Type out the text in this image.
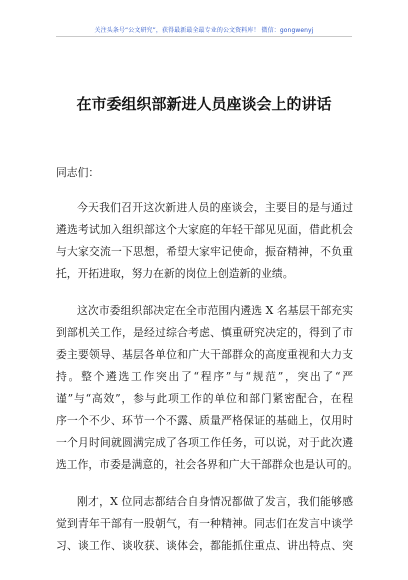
关注头条号“公文研究”，获得最新最全最专业的公文资料库！ 微信：gongwenyj
在市委组织部新进人员座谈会上的讲话

同志们：

今天我们召开这次新进人员的座谈会，主要目的是与通过
遴选考试加入组织部这个大家庭的年轻干部见见面，借此机会
与大家交流一下思想，希望大家牢记使命，振奋精神，不负重
托，开拓进取，努力在新的岗位上创造新的业绩。

这次市委组织部决定在全市范围内遴选 X 名基层干部充实
到部机关工作，是经过综合考虑、慎重研究决定的，得到了市
委主要领导、基层各单位和广大干部群众的高度重视和大力支
持。整个遴选工作突出了“程序”与“规范”，突出了“严
谨”与“高效”，参与此项工作的单位和部门紧密配合，在程
序一个不少、环节一个不露、质量严格保证的基础上，仅用时
一个月时间就圆满完成了各项工作任务，可以说，对于此次遴
选工作，市委是满意的，社会各界和广大干部群众也是认可的。

刚才，X 位同志都结合自身情况都做了发言，我们能够感
觉到青年干部有一股朝气，有一种精神。同志们在发言中谈学
习、谈工作、谈收获、谈体会，都能抓住重点、讲出特点、突
